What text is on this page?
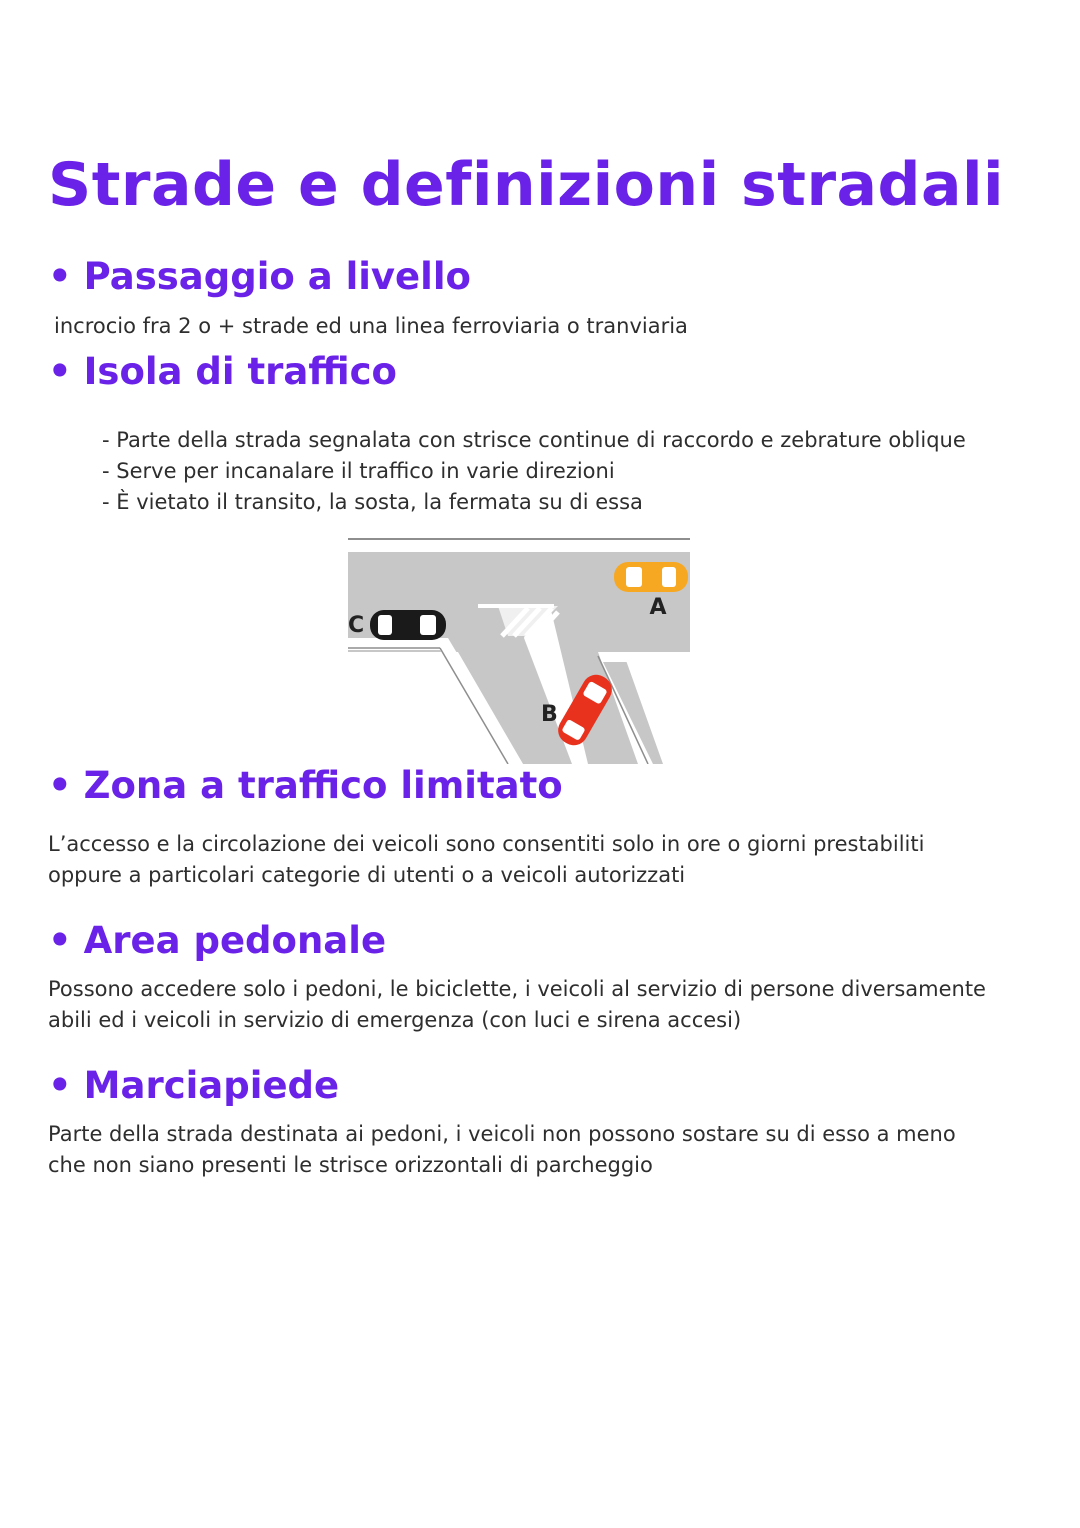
Strade e definizioni stradali
• Passaggio a livello

incrocio fra 2 o + strade ed una linea ferroviaria o tranviaria

• Isola di traffico
- Parte della strada segnalata con strisce continue di raccordo e zebrature oblique
- Serve per incanalare il traffico in varie direzioni
- È vietato il transito, la sosta, la fermata su di essa
A
C
B
• Zona a traffico limitato

L’accesso e la circolazione dei veicoli sono consentiti solo in ore o giorni prestabiliti

oppure a particolari categorie di utenti o a veicoli autorizzati

• Area pedonale

Possono accedere solo i pedoni, le biciclette, i veicoli al servizio di persone diversamente

abili ed i veicoli in servizio di emergenza (con luci e sirena accesi)

• Marciapiede

Parte della strada destinata ai pedoni, i veicoli non possono sostare su di esso a meno

che non siano presenti le strisce orizzontali di parcheggio
